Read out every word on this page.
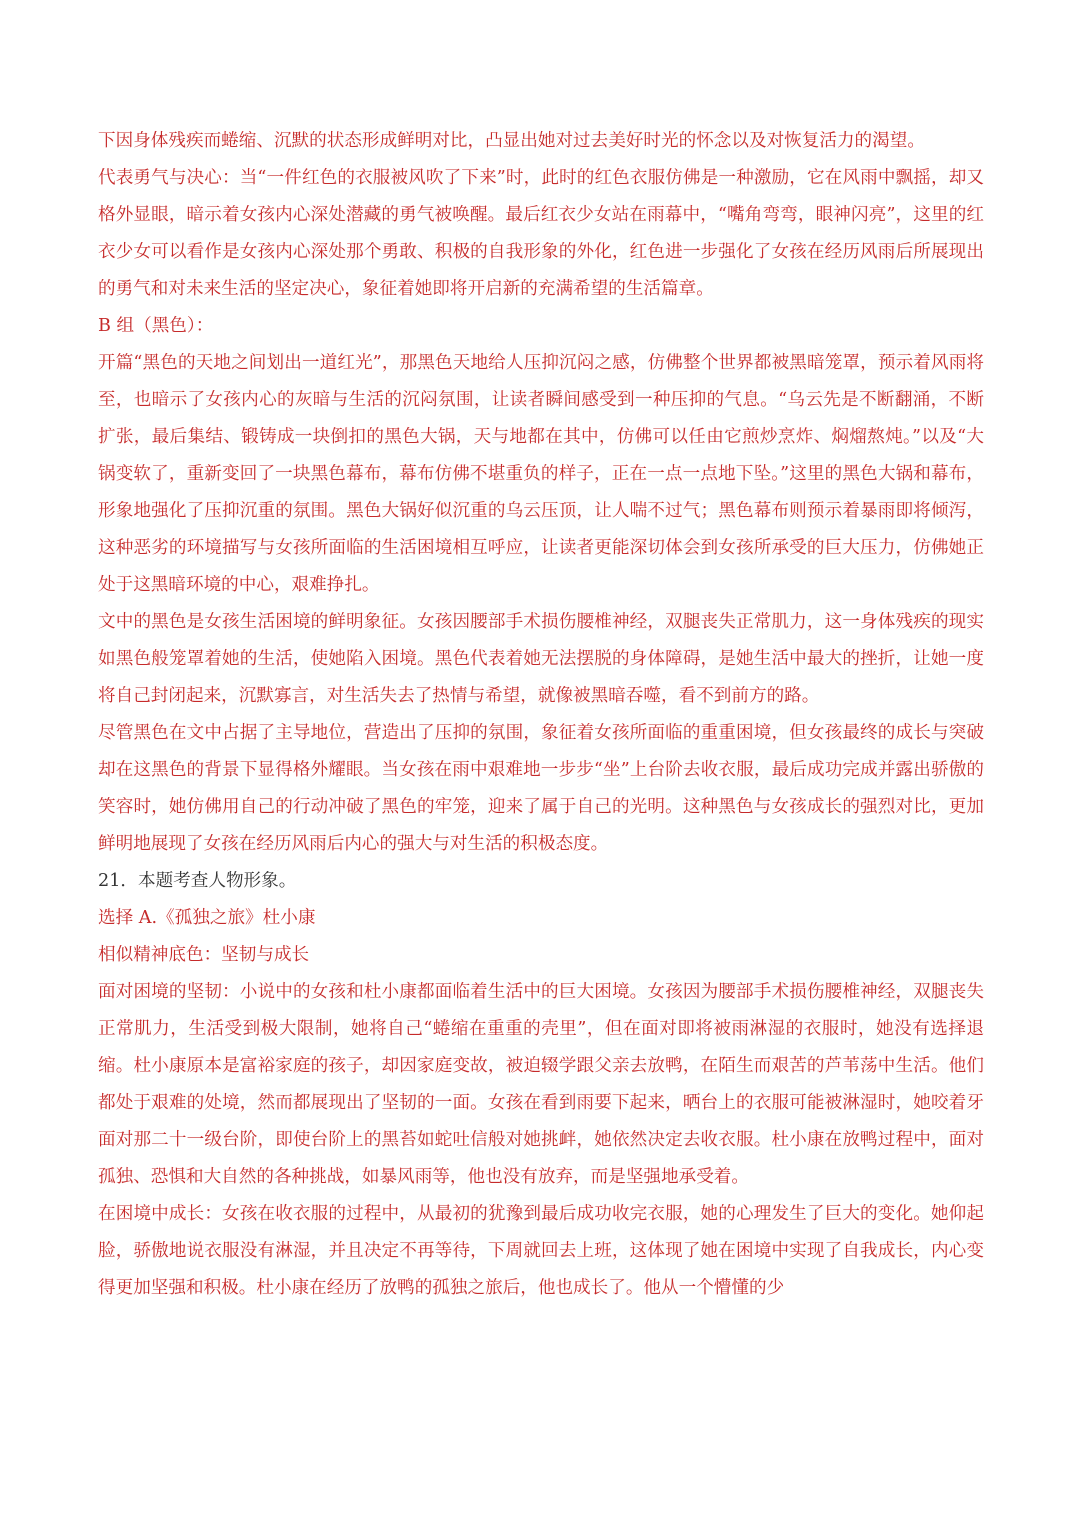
下因身体残疾而蜷缩、沉默的状态形成鲜明对比，凸显出她对过去美好时光的怀念以及对恢复活力的渴望。

代表勇气与决心：当“一件红色的衣服被风吹了下来”时，此时的红色衣服仿佛是一种激励，它在风雨中飘摇，却又格外显眼，暗示着女孩内心深处潜藏的勇气被唤醒。最后红衣少女站在雨幕中，“嘴角弯弯，眼神闪亮”，这里的红衣少女可以看作是女孩内心深处那个勇敢、积极的自我形象的外化，红色进一步强化了女孩在经历风雨后所展现出的勇气和对未来生活的坚定决心，象征着她即将开启新的充满希望的生活篇章。

B 组（黑色）：

开篇“黑色的天地之间划出一道红光”，那黑色天地给人压抑沉闷之感，仿佛整个世界都被黑暗笼罩，预示着风雨将至，也暗示了女孩内心的灰暗与生活的沉闷氛围，让读者瞬间感受到一种压抑的气息。“乌云先是不断翻涌，不断扩张，最后集结、锻铸成一块倒扣的黑色大锅，天与地都在其中，仿佛可以任由它煎炒烹炸、焖熘熬炖。”以及“大锅变软了，重新变回了一块黑色幕布，幕布仿佛不堪重负的样子，正在一点一点地下坠。”这里的黑色大锅和幕布，形象地强化了压抑沉重的氛围。黑色大锅好似沉重的乌云压顶，让人喘不过气；黑色幕布则预示着暴雨即将倾泻，这种恶劣的环境描写与女孩所面临的生活困境相互呼应，让读者更能深切体会到女孩所承受的巨大压力，仿佛她正处于这黑暗环境的中心，艰难挣扎。

文中的黑色是女孩生活困境的鲜明象征。女孩因腰部手术损伤腰椎神经，双腿丧失正常肌力，这一身体残疾的现实如黑色般笼罩着她的生活，使她陷入困境。黑色代表着她无法摆脱的身体障碍，是她生活中最大的挫折，让她一度将自己封闭起来，沉默寡言，对生活失去了热情与希望，就像被黑暗吞噬，看不到前方的路。

尽管黑色在文中占据了主导地位，营造出了压抑的氛围，象征着女孩所面临的重重困境，但女孩最终的成长与突破却在这黑色的背景下显得格外耀眼。当女孩在雨中艰难地一步步“坐”上台阶去收衣服，最后成功完成并露出骄傲的笑容时，她仿佛用自己的行动冲破了黑色的牢笼，迎来了属于自己的光明。这种黑色与女孩成长的强烈对比，更加鲜明地展现了女孩在经历风雨后内心的强大与对生活的积极态度。

21．本题考查人物形象。

选择 A.《孤独之旅》杜小康

相似精神底色：坚韧与成长

面对困境的坚韧：小说中的女孩和杜小康都面临着生活中的巨大困境。女孩因为腰部手术损伤腰椎神经，双腿丧失正常肌力，生活受到极大限制，她将自己“蜷缩在重重的壳里”，但在面对即将被雨淋湿的衣服时，她没有选择退缩。杜小康原本是富裕家庭的孩子，却因家庭变故，被迫辍学跟父亲去放鸭，在陌生而艰苦的芦苇荡中生活。他们都处于艰难的处境，然而都展现出了坚韧的一面。女孩在看到雨要下起来，晒台上的衣服可能被淋湿时，她咬着牙面对那二十一级台阶，即使台阶上的黑苔如蛇吐信般对她挑衅，她依然决定去收衣服。杜小康在放鸭过程中，面对孤独、恐惧和大自然的各种挑战，如暴风雨等，他也没有放弃，而是坚强地承受着。

在困境中成长：女孩在收衣服的过程中，从最初的犹豫到最后成功收完衣服，她的心理发生了巨大的变化。她仰起脸，骄傲地说衣服没有淋湿，并且决定不再等待，下周就回去上班，这体现了她在困境中实现了自我成长，内心变得更加坚强和积极。杜小康在经历了放鸭的孤独之旅后，他也成长了。他从一个懵懂的少
